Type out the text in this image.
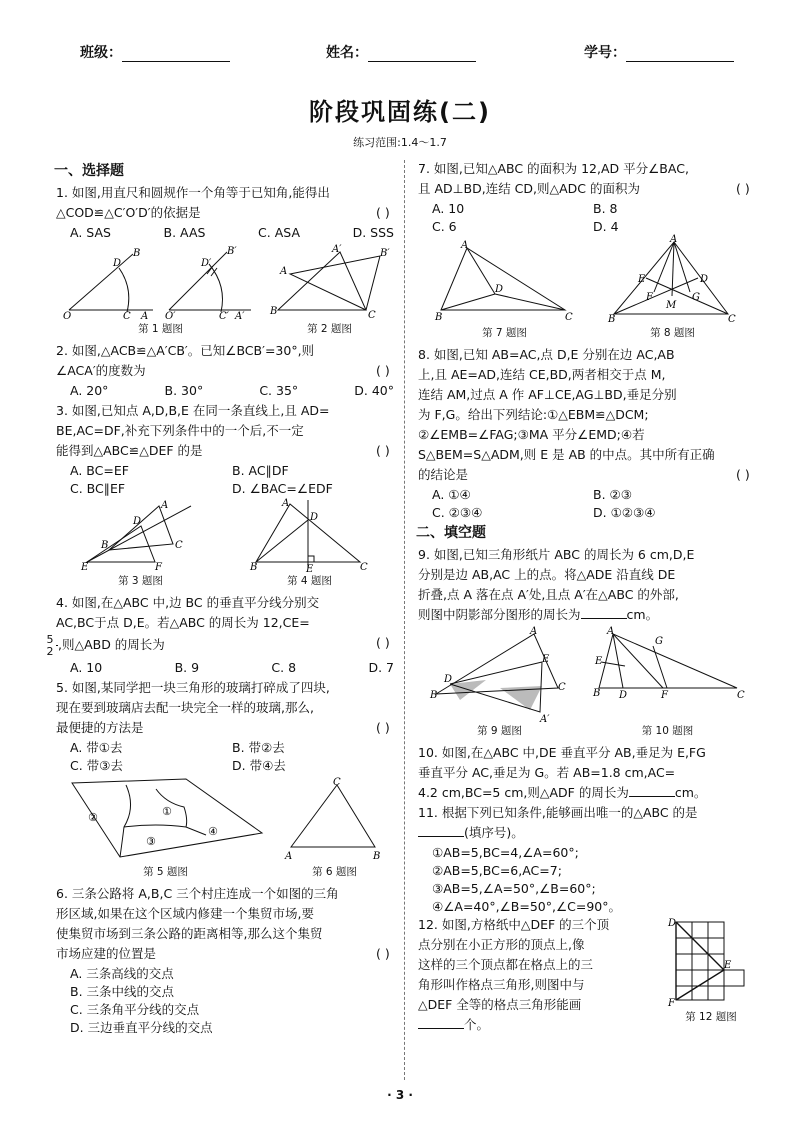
班级：	姓名：	学号：
阶段巩固练(二)
练习范围:1.4～1.7
一、选择题
1. 如图,用直尺和圆规作一个角等于已知角,能得出
△COD≌△C′O′D′的依据是	( )
A. SAS	B. AAS	C. ASA	D. SSS
O	C A
D
B
O′	C′ A′
D′
B′
第 1 题图
B
A′
A
B′
C
第 2 题图
2. 如图,△ACB≌△A′CB′。已知∠BCB′=30°,则
∠ACA′的度数为	( )
A. 20°	B. 30°	C. 35°	D. 40°
3. 如图,已知点 A,D,B,E 在同一条直线上,且 AD=
BE,AC=DF,补充下列条件中的一个后,不一定
能得到△ABC≌△DEF 的是	( )
A. BC=EF	B. AC∥DF
C. BC∥EF	D. ∠BAC=∠EDF
E
B
D
A
C
F
第 3 题图
B
A
D
E	C
第 4 题图
4. 如图,在△ABC 中,边 BC 的垂直平分线分别交
AC,BC于点 D,E。若△ABC 的周长为 12,CE=
$\frac{5}{2}$ ,则△ABD 的周长为	( )
A. 10	B. 9	C. 8	D. 7
5. 如图,某同学把一块三角形的玻璃打碎成了四块,
现在要到玻璃店去配一块完全一样的玻璃,那么,
最便捷的方法是	( )
A. 带①去	B. 带②去
C. 带③去	D. 带④去
①
②
③
④
第 5 题图
A
C
B
第 6 题图
6. 三条公路将 A,B,C 三个村庄连成一个如图的三角
形区域,如果在这个区域内修建一个集贸市场,要
使集贸市场到三条公路的距离相等,那么这个集贸
市场应建的位置是	( )
A. 三条高线的交点
B. 三条中线的交点
C. 三条角平分线的交点
D. 三边垂直平分线的交点
7. 如图,已知△ABC 的面积为 12,AD 平分∠BAC,
且 AD⊥BD,连结 CD,则△ADC 的面积为	( )
A. 10	B. 8
C. 6	D. 4
B
A
D
C
第 7 题图
B
A
C
E	D
F	G
M
第 8 题图
8. 如图,已知 AB=AC,点 D,E 分别在边 AC,AB
上,且 AE=AD,连结 CE,BD,两者相交于点 M,
连结 AM,过点 A 作 AF⊥CE,AG⊥BD,垂足分别
为 F,G。给出下列结论:①△EBM≌△DCM;
②∠EMB=∠FAG;③MA 平分∠EMD;④若
S△BEM=S△ADM,则 E 是 AB 的中点。其中所有正确
的结论是	( )
A. ①④	B. ②③
C. ②③④	D. ①②③④
二、填空题
9. 如图,已知三角形纸片 ABC 的周长为 6 cm,D,E
分别是边 AB,AC 上的点。将△ADE 沿直线 DE
折叠,点 A 落在点 A′处,且点 A′在△ABC 的外部,
则图中阴影部分图形的周长为	cm。
B
D
A
E
C
A′
第 9 题图
B
A
E
G
D	F	C
第 10 题图
10. 如图,在△ABC 中,DE 垂直平分 AB,垂足为 E,FG
垂直平分 AC,垂足为 G。若 AB=1.8 cm,AC=
4.2 cm,BC=5 cm,则△ADF 的周长为	cm。
11. 根据下列已知条件,能够画出唯一的△ABC 的是
(填序号)。
①AB=5,BC=4,∠A=60°;
②AB=5,BC=6,AC=7;
③AB=5,∠A=50°,∠B=60°;
④∠A=40°,∠B=50°,∠C=90°。
12. 如图,方格纸中△DEF 的三个顶
点分别在小正方形的顶点上,像
这样的三个顶点都在格点上的三
角形叫作格点三角形,则图中与
△DEF 全等的格点三角形能画
个。
D
E
F
第 12 题图
· 3 ·
